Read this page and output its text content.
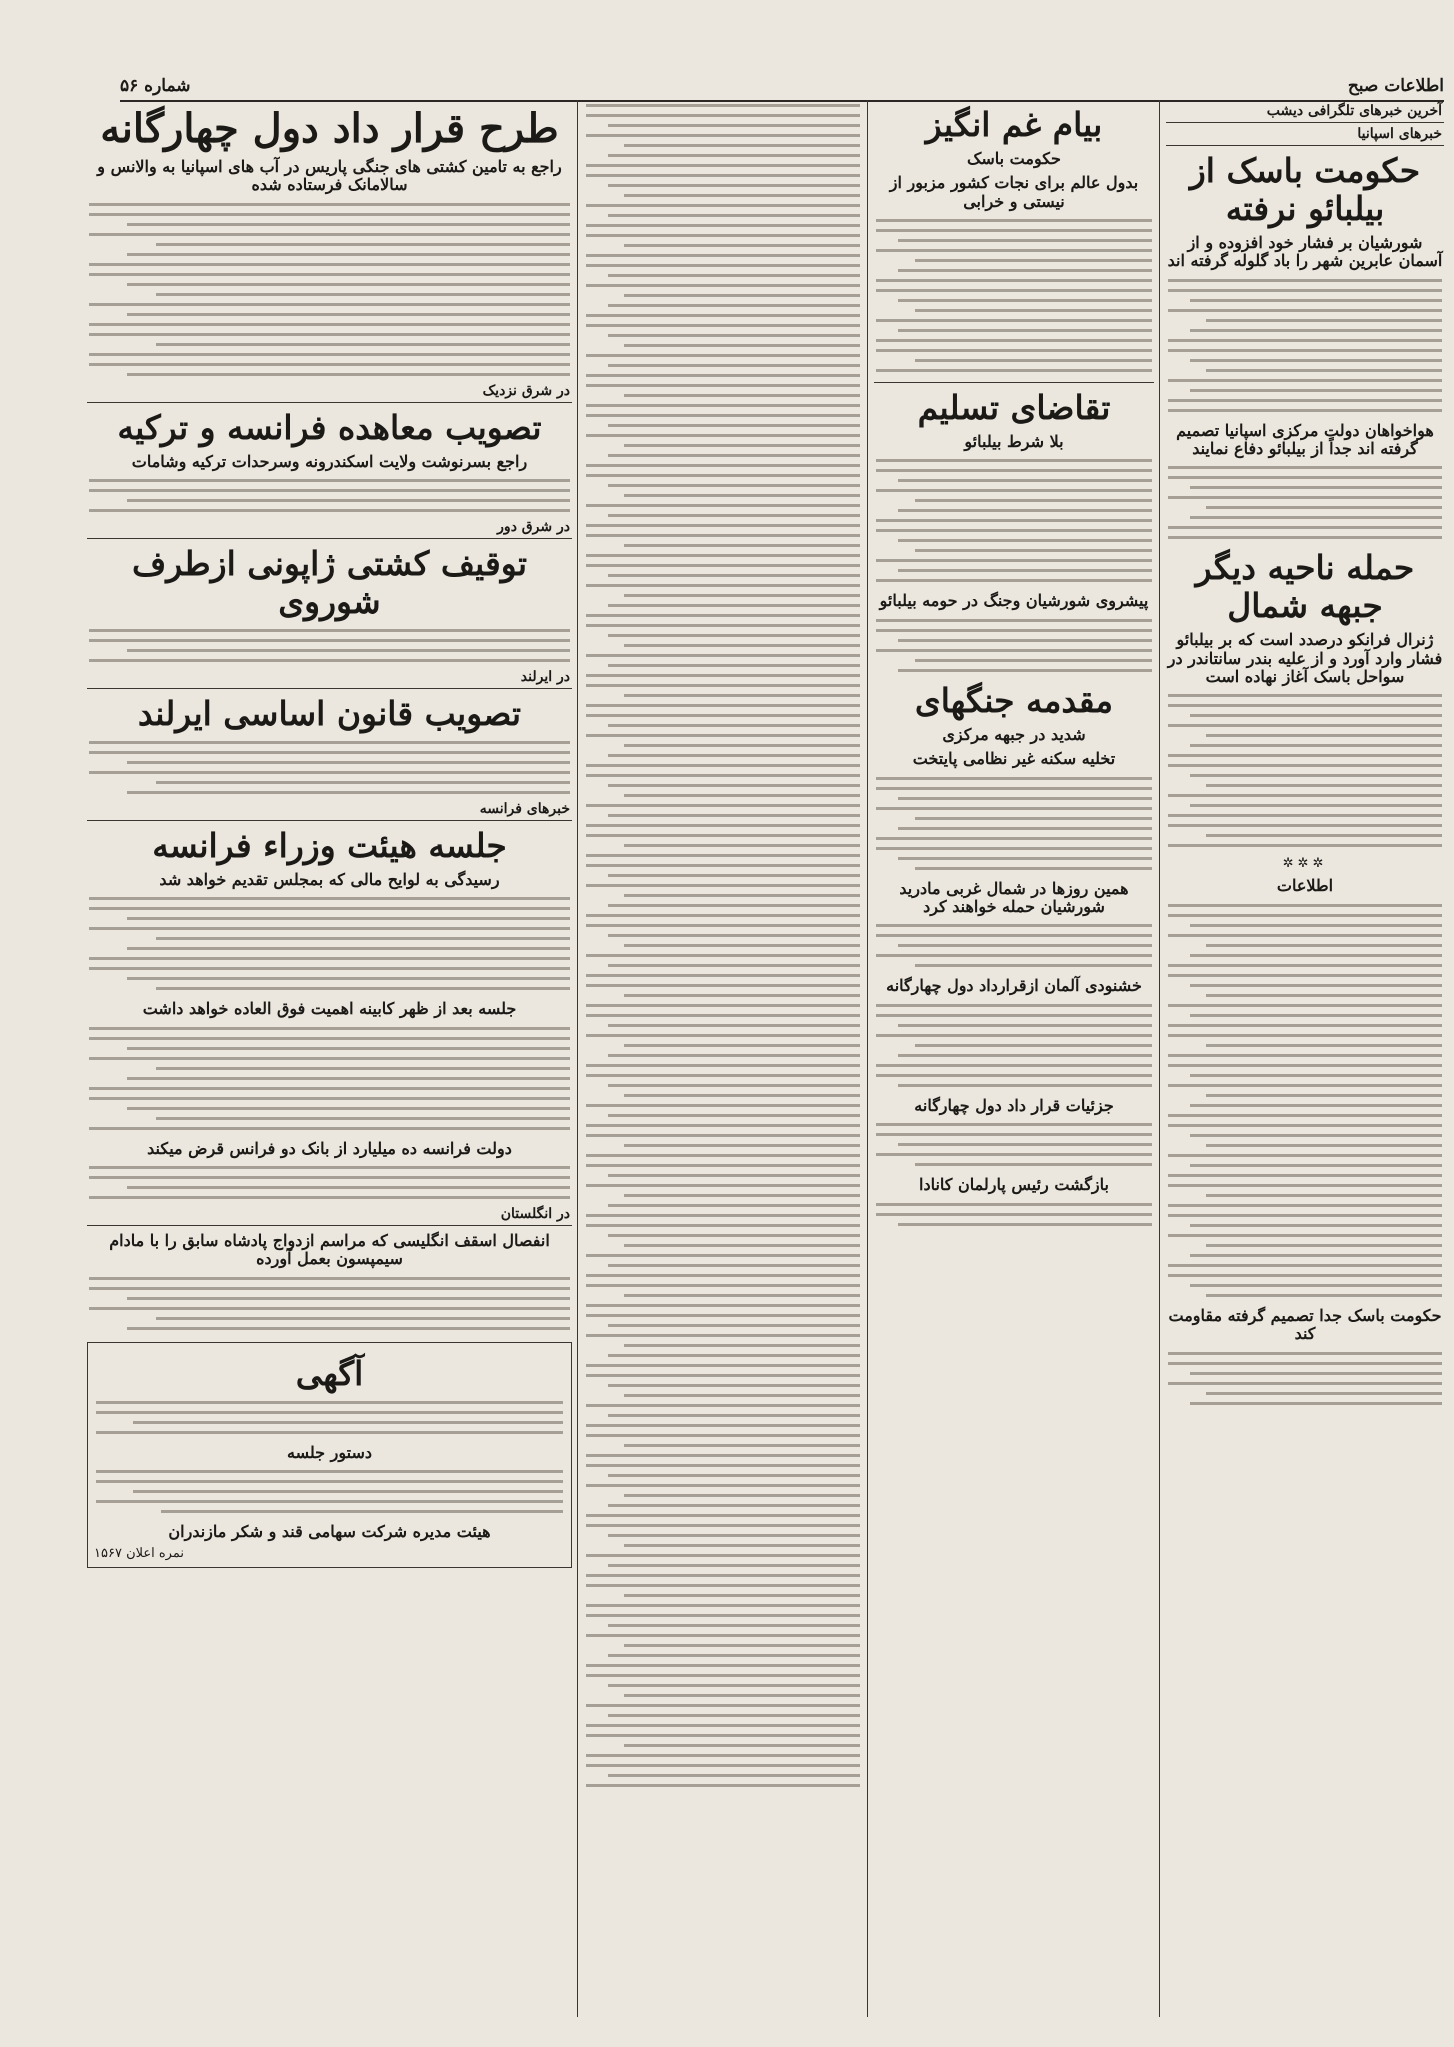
اطلاعات صبح
شماره ۵۶
آخرین خبرهای تلگرافی دیشب
خبرهای اسپانیا
حکومت باسک از بیلبائو نرفته
شورشیان بر فشار خود افزوده و از آسمان عابرین شهر را باد گلوله گرفته اند
هواخواهان دولت مرکزی اسپانیا تصمیم گرفته اند جداً از بیلبائو دفاع نمایند
حمله ناحیه دیگر جبهه شمال
ژنرال فرانکو درصدد است که بر بیلبائو فشار وارد آورد و از علیه بندر سانتاندر در سواحل باسک آغاز نهاده است
✲✲✲
اطلاعات
حکومت باسک جدا تصمیم گرفته مقاومت کند
بیام غم انگیز
حکومت باسک
بدول عالم برای نجات کشور مزبور از نیستی و خرابی
تقاضای تسلیم
بلا شرط بیلبائو
پیشروی شورشیان وجنگ در حومه بیلبائو
مقدمه جنگهای
شدید در جبهه مرکزی
تخلیه سکنه غیر نظامی پایتخت
همین روزها در شمال غربی مادرید شورشیان حمله خواهند کرد
خشنودی آلمان ازقرارداد دول چهارگانه
جزئیات قرار داد دول چهارگانه
بازگشت رئیس پارلمان کانادا
طرح قرار داد دول چهارگانه
راجع به تامین کشتی های جنگی پاریس در آب های اسپانیا به والانس و سالامانک فرستاده شده
در شرق نزدیک
تصویب معاهده فرانسه و ترکیه
راجع بسرنوشت ولایت اسکندرونه وسرحدات ترکیه وشامات
در شرق دور
توقیف کشتی ژاپونی ازطرف شوروی
در ایرلند
تصویب قانون اساسی ایرلند
خبرهای فرانسه
جلسه هیئت وزراء فرانسه
رسیدگی به لوایح مالی که بمجلس تقدیم خواهد شد
جلسه بعد از ظهر کابینه اهمیت فوق العاده خواهد داشت
دولت فرانسه ده میلیارد از بانک دو فرانس قرض میکند
در انگلستان
انفصال اسقف انگلیسی که مراسم ازدواج پادشاه سابق را با مادام سیمپسون بعمل آورده
آگهی
دستور جلسه
هیئت مدیره شرکت سهامی قند و شکر مازندران
نمره اعلان ۱۵۶۷
